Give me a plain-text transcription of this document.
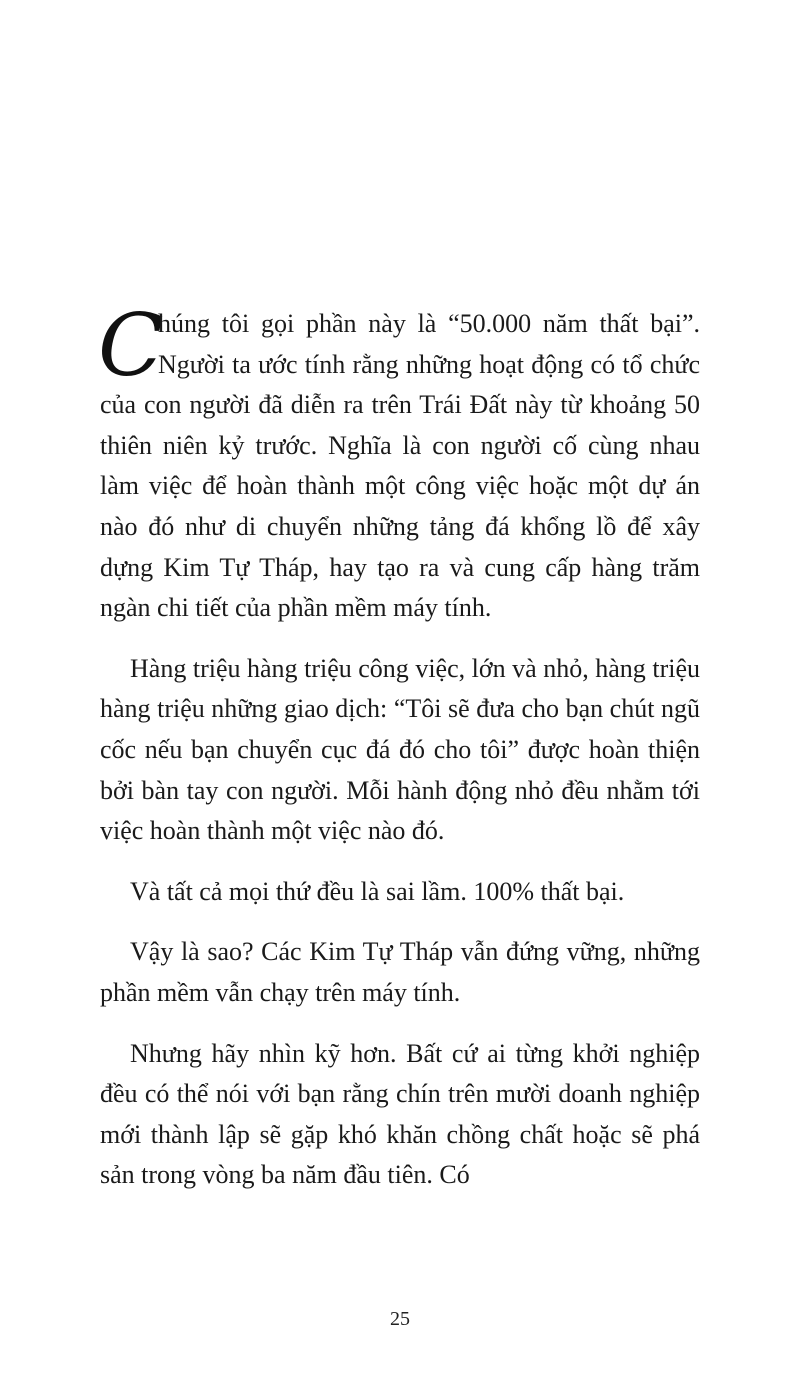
C
húng tôi gọi phần này là “50.000 năm thất bại”. Người ta ước tính rằng những hoạt động có tổ chức của con người đã diễn ra trên Trái Đất này từ khoảng 50 thiên niên kỷ trước. Nghĩa là con người cố cùng nhau làm việc để hoàn thành một công việc hoặc một dự án nào đó như di chuyển những tảng đá khổng lồ để xây dựng Kim Tự Tháp, hay tạo ra và cung cấp hàng trăm ngàn chi tiết của phần mềm máy tính.

Hàng triệu hàng triệu công việc, lớn và nhỏ, hàng triệu hàng triệu những giao dịch: “Tôi sẽ đưa cho bạn chút ngũ cốc nếu bạn chuyển cục đá đó cho tôi” được hoàn thiện bởi bàn tay con người. Mỗi hành động nhỏ đều nhằm tới việc hoàn thành một việc nào đó.

Và tất cả mọi thứ đều là sai lầm. 100% thất bại.

Vậy là sao? Các Kim Tự Tháp vẫn đứng vững, những phần mềm vẫn chạy trên máy tính.

Nhưng hãy nhìn kỹ hơn. Bất cứ ai từng khởi nghiệp đều có thể nói với bạn rằng chín trên mười doanh nghiệp mới thành lập sẽ gặp khó khăn chồng chất hoặc sẽ phá sản trong vòng ba năm đầu tiên. Có

25
